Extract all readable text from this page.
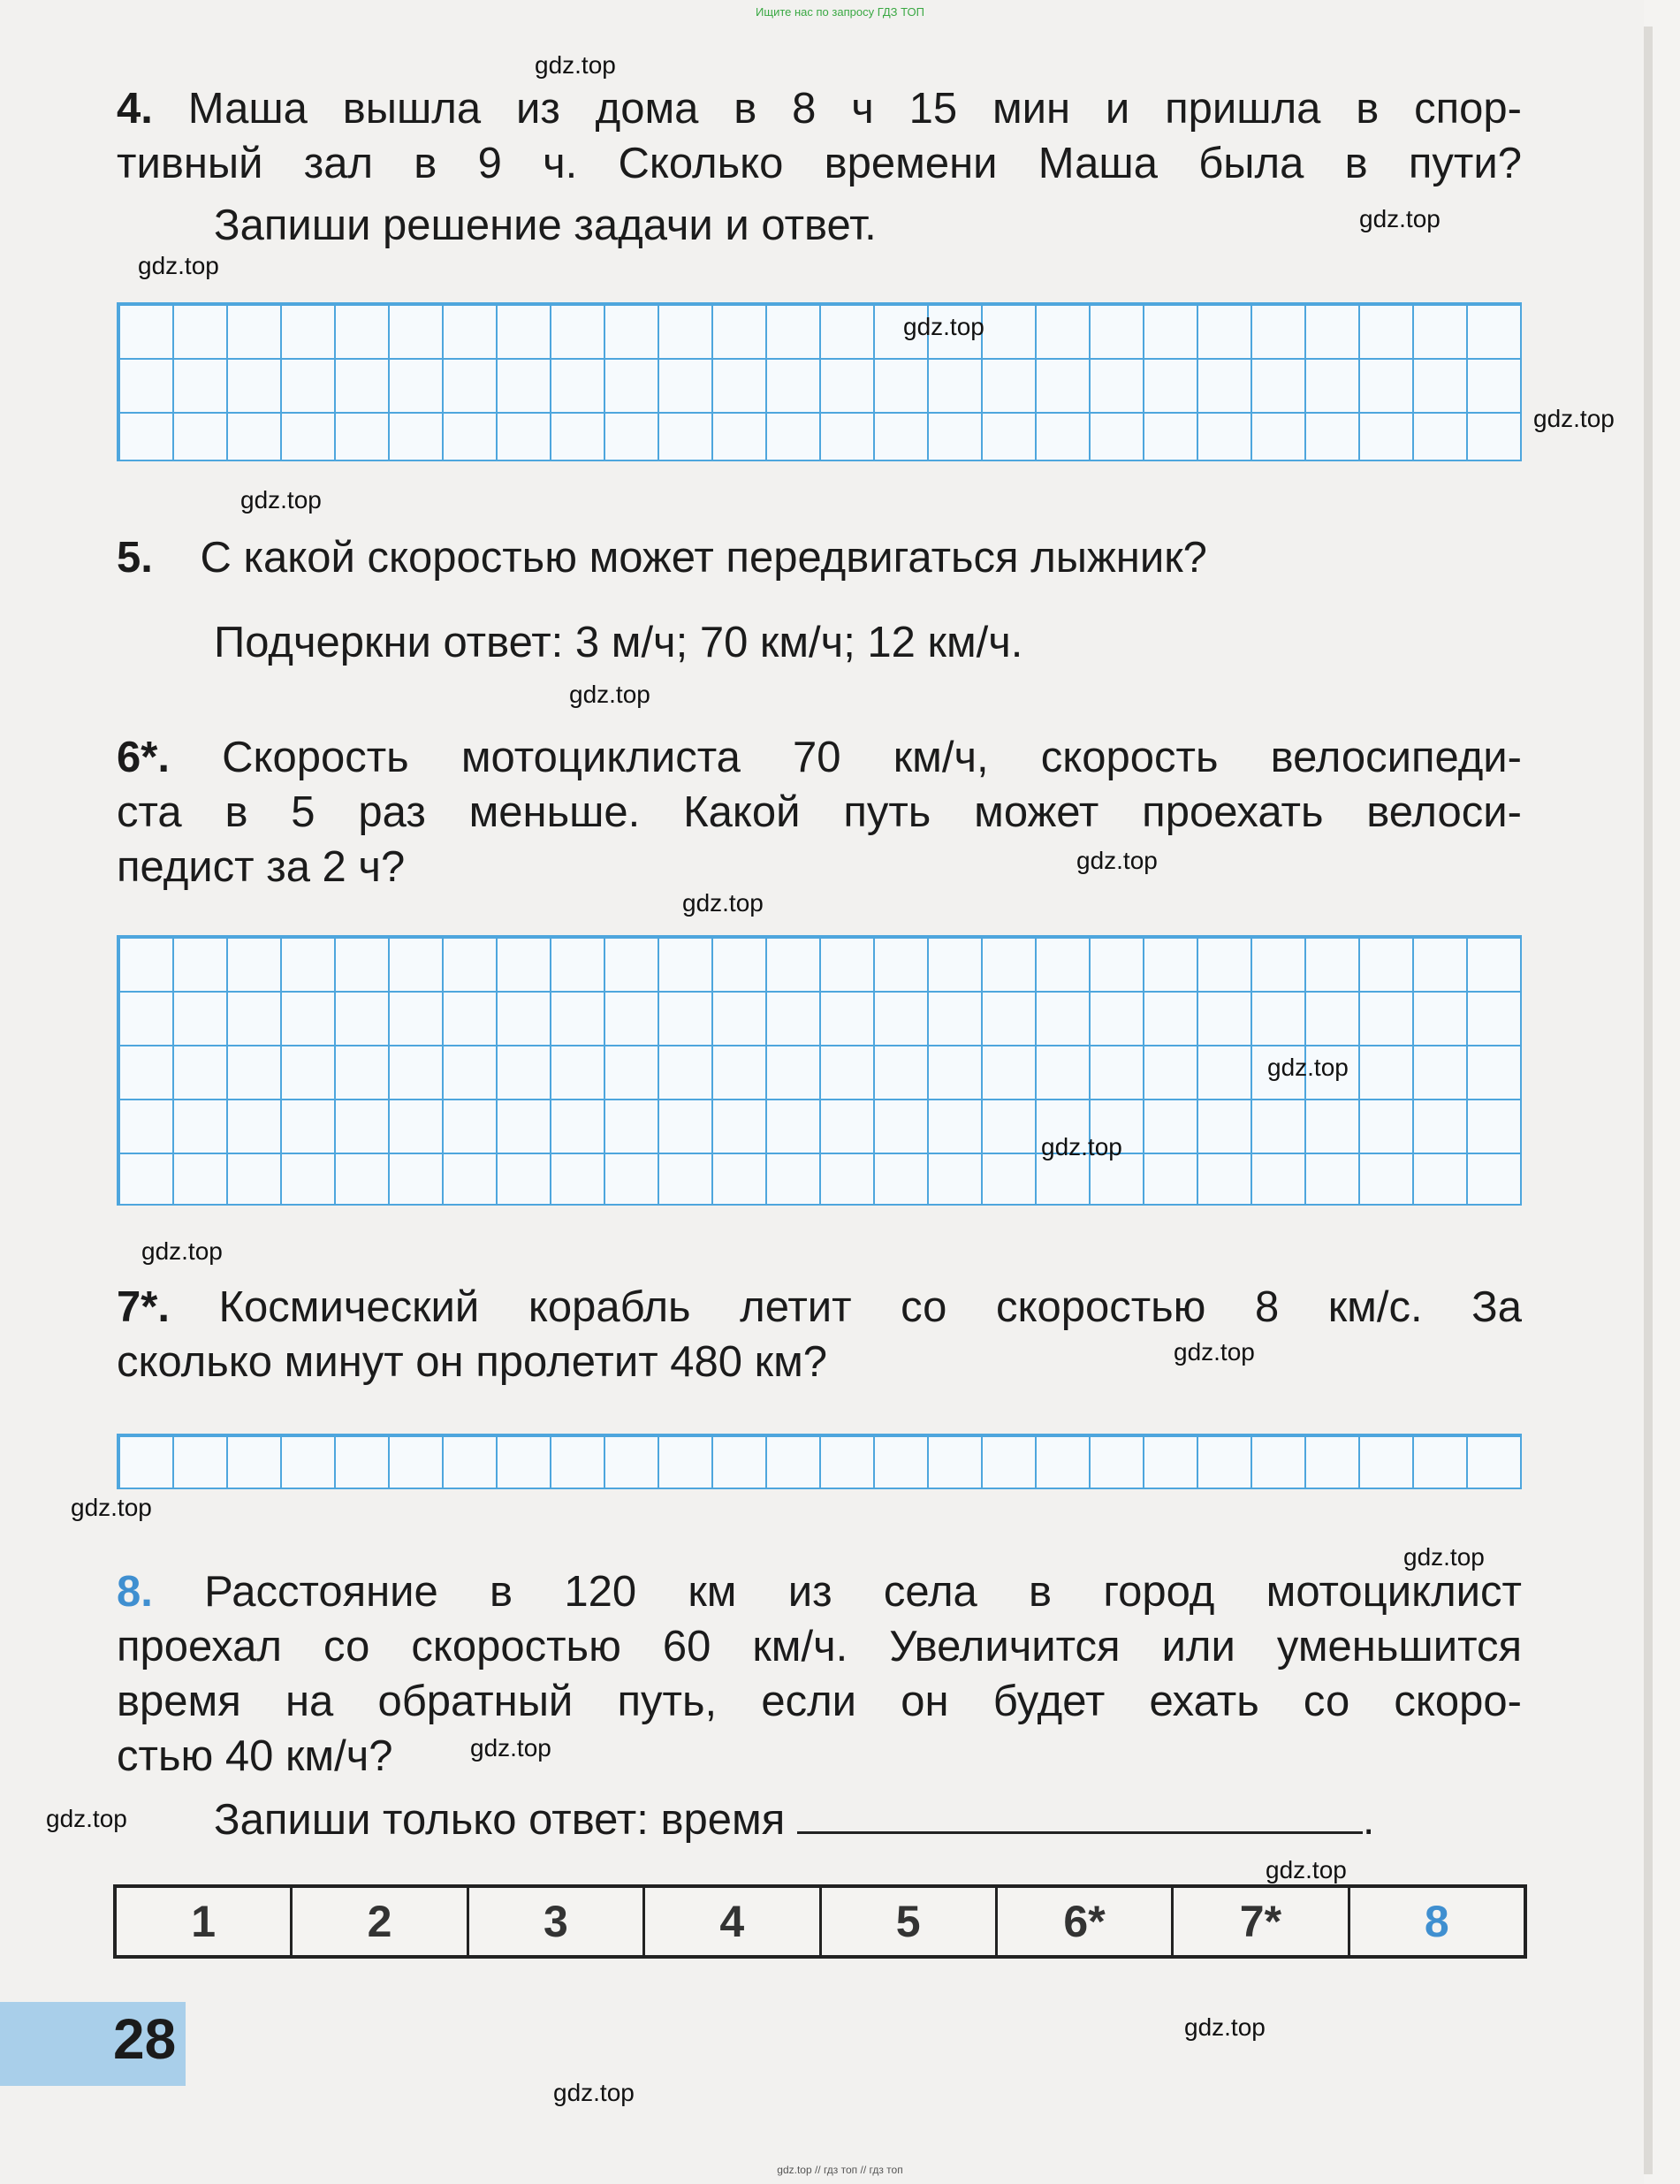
Ищите нас по запросу ГДЗ ТОП

4. Маша вышла из дома в 8 ч 15 мин и пришла в спор-

тивный зал в 9 ч. Сколько времени Маша была в пути?

Запиши решение задачи и ответ.

5. С какой скоростью может передвигаться лыжник?

Подчеркни ответ: 3 м/ч; 70 км/ч; 12 км/ч.

6*. Скорость мотоциклиста 70 км/ч, скорость велосипеди-

ста в 5 раз меньше. Какой путь может проехать велоси-

педист за 2 ч?

7*. Космический корабль летит со скоростью 8 км/с. За

сколько минут он пролетит 480 км?

8. Расстояние в 120 км из села в город мотоциклист

проехал со скоростью 60 км/ч. Увеличится или уменьшится

время на обратный путь, если он будет ехать со скоро-

стью 40 км/ч?

Запиши только ответ: время	.

1	2	3	4	5	6*	7*	8
28
gdz.top
gdz.top
gdz.top
gdz.top
gdz.top
gdz.top
gdz.top
gdz.top
gdz.top
gdz.top
gdz.top
gdz.top
gdz.top
gdz.top
gdz.top
gdz.top
gdz.top
gdz.top
gdz.top
gdz.top
gdz.top // гдз топ // гдз топ
